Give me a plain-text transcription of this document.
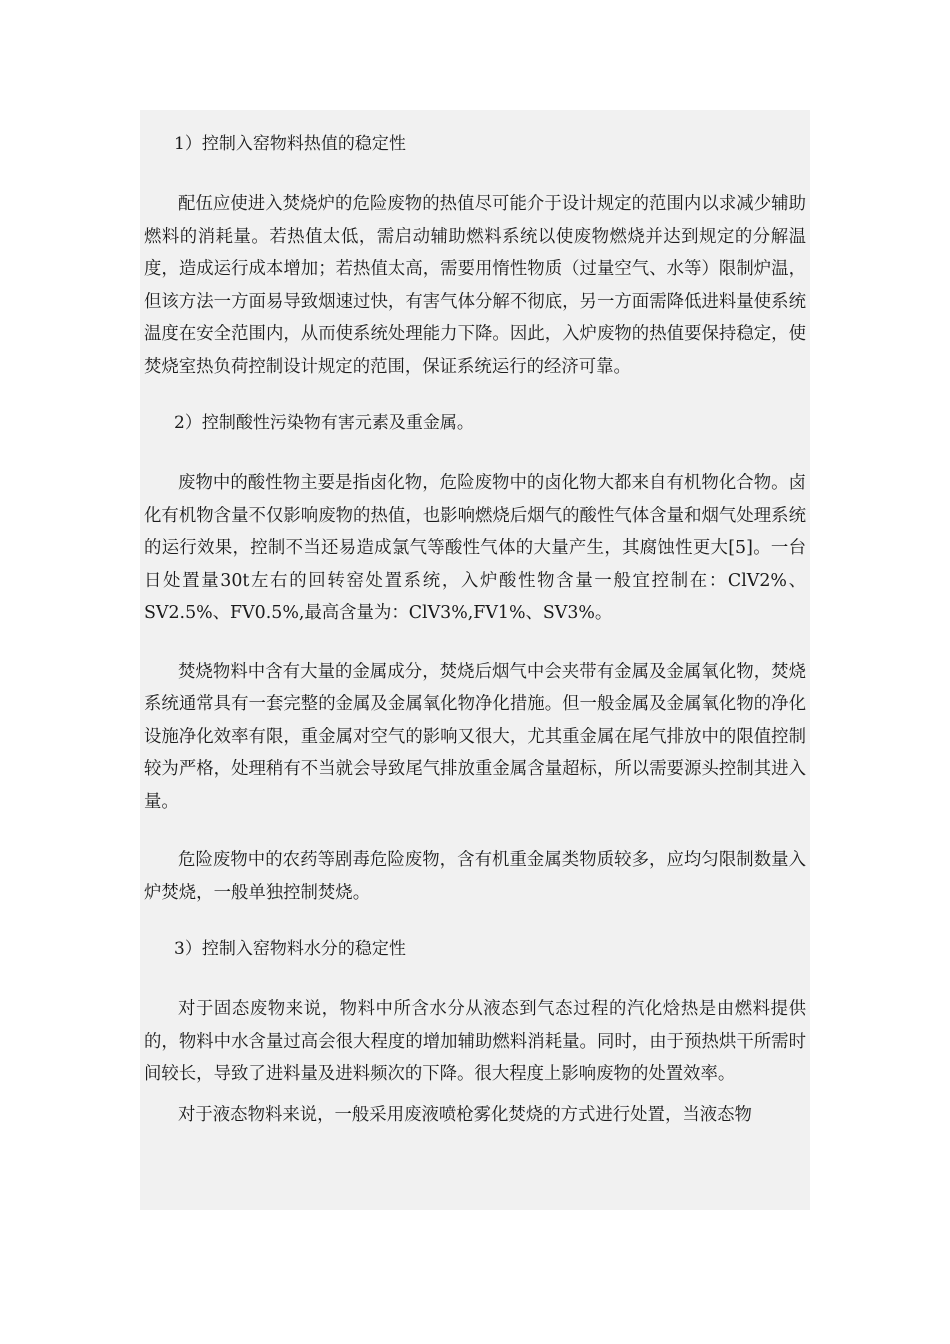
1）控制入窑物料热值的稳定性

配伍应使进入焚烧炉的危险废物的热值尽可能介于设计规定的范围内以求减少辅助燃料的消耗量。若热值太低，需启动辅助燃料系统以使废物燃烧并达到规定的分解温度，造成运行成本增加；若热值太高，需要用惰性物质（过量空气、水等）限制炉温，但该方法一方面易导致烟速过快，有害气体分解不彻底，另一方面需降低进料量使系统温度在安全范围内，从而使系统处理能力下降。因此，入炉废物的热值要保持稳定，使焚烧室热负荷控制设计规定的范围，保证系统运行的经济可靠。

2）控制酸性污染物有害元素及重金属。

废物中的酸性物主要是指卤化物，危险废物中的卤化物大都来自有机物化合物。卤化有机物含量不仅影响废物的热值，也影响燃烧后烟气的酸性气体含量和烟气处理系统的运行效果，控制不当还易造成氯气等酸性气体的大量产生，其腐蚀性更大[5]。一台日处置量30t左右的回转窑处置系统，入炉酸性物含量一般宜控制在：ClV2%、SV2.5%、FV0.5%,最高含量为：ClV3%,FV1%、SV3%。

焚烧物料中含有大量的金属成分，焚烧后烟气中会夹带有金属及金属氧化物，焚烧系统通常具有一套完整的金属及金属氧化物净化措施。但一般金属及金属氧化物的净化设施净化效率有限，重金属对空气的影响又很大，尤其重金属在尾气排放中的限值控制较为严格，处理稍有不当就会导致尾气排放重金属含量超标，所以需要源头控制其进入量。

危险废物中的农药等剧毒危险废物，含有机重金属类物质较多，应均匀限制数量入炉焚烧，一般单独控制焚烧。

3）控制入窑物料水分的稳定性

对于固态废物来说，物料中所含水分从液态到气态过程的汽化焓热是由燃料提供的，物料中水含量过高会很大程度的增加辅助燃料消耗量。同时，由于预热烘干所需时间较长，导致了进料量及进料频次的下降。很大程度上影响废物的处置效率。

对于液态物料来说，一般采用废液喷枪雾化焚烧的方式进行处置，当液态物
